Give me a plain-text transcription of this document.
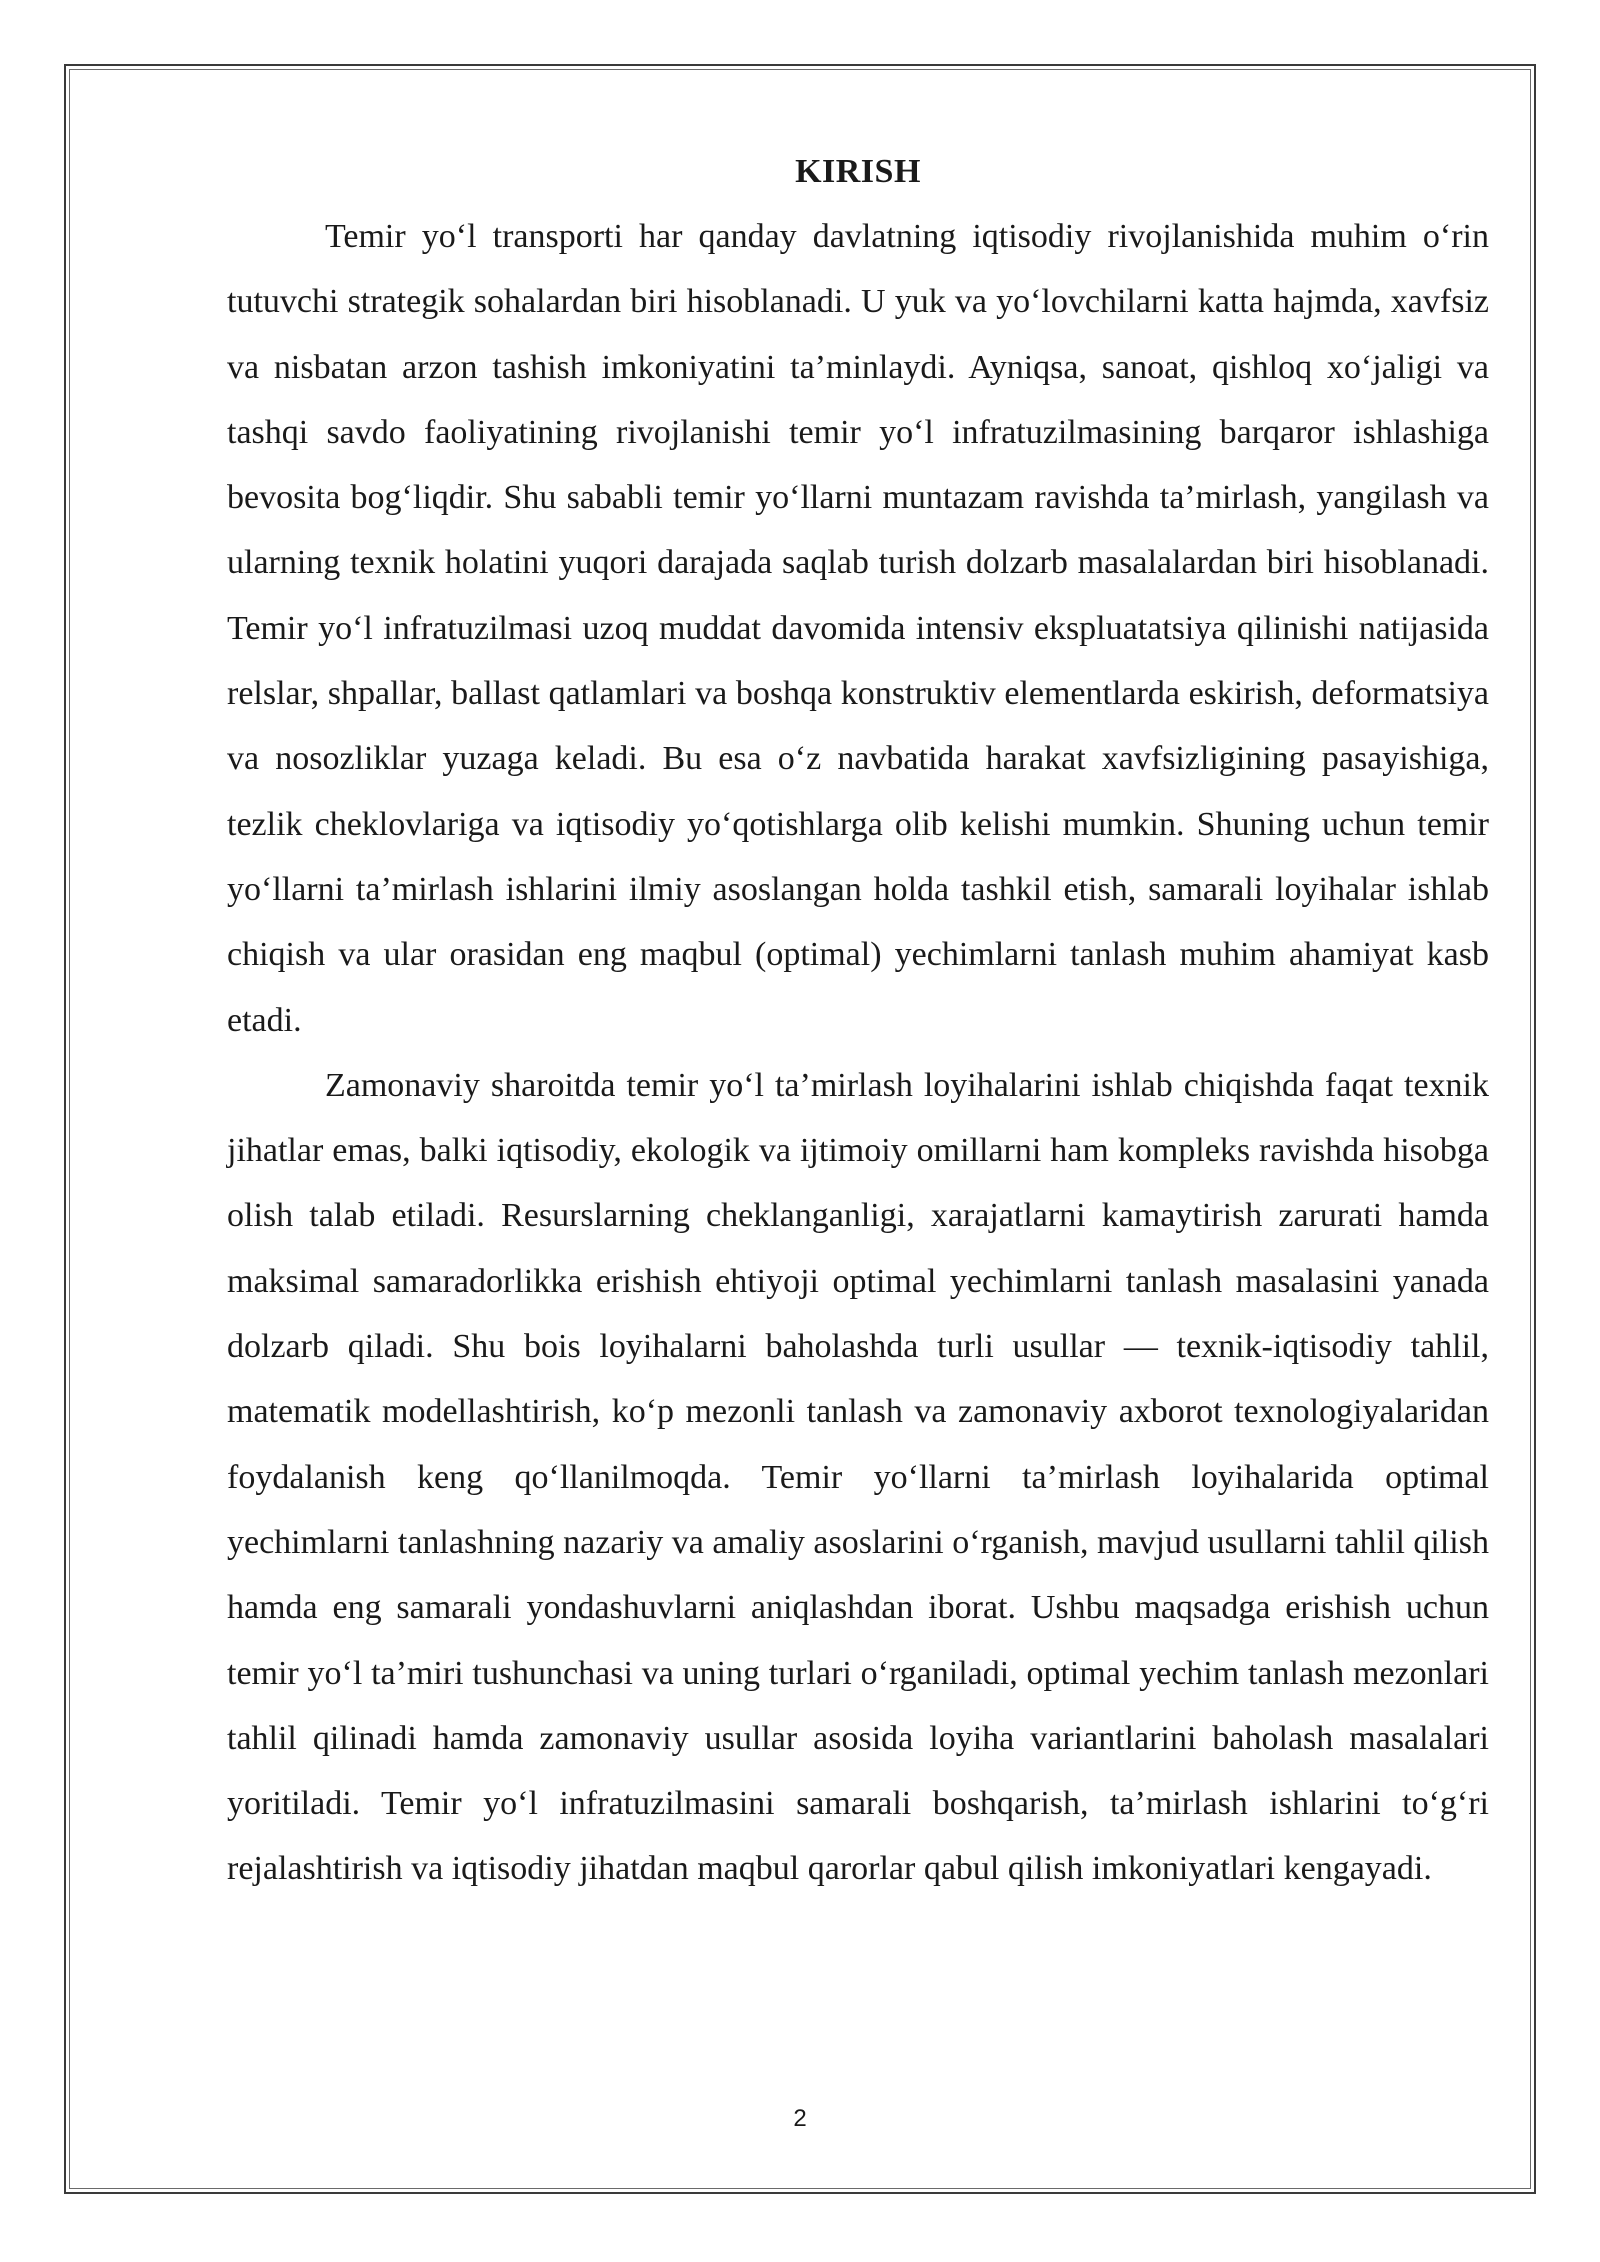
KIRISH

Temir yo‘l transporti har qanday davlatning iqtisodiy rivojlanishida muhim o‘rin tutuvchi strategik sohalardan biri hisoblanadi. U yuk va yo‘lovchilarni katta hajmda, xavfsiz va nisbatan arzon tashish imkoniyatini ta’minlaydi. Ayniqsa, sanoat, qishloq xo‘jaligi va tashqi savdo faoliyatining rivojlanishi temir yo‘l infratuzilmasining barqaror ishlashiga bevosita bog‘liqdir. Shu sababli temir yo‘llarni muntazam ravishda ta’mirlash, yangilash va ularning texnik holatini yuqori darajada saqlab turish dolzarb masalalardan biri hisoblanadi. Temir yo‘l infratuzilmasi uzoq muddat davomida intensiv ekspluatatsiya qilinishi natijasida relslar, shpallar, ballast qatlamlari va boshqa konstruktiv elementlarda eskirish, deformatsiya va nosozliklar yuzaga keladi. Bu esa o‘z navbatida harakat xavfsizligining pasayishiga, tezlik cheklovlariga va iqtisodiy yo‘qotishlarga olib kelishi mumkin. Shuning uchun temir yo‘llarni ta’mirlash ishlarini ilmiy asoslangan holda tashkil etish, samarali loyihalar ishlab chiqish va ular orasidan eng maqbul (optimal) yechimlarni tanlash muhim ahamiyat kasb etadi.

Zamonaviy sharoitda temir yo‘l ta’mirlash loyihalarini ishlab chiqishda faqat texnik jihatlar emas, balki iqtisodiy, ekologik va ijtimoiy omillarni ham kompleks ravishda hisobga olish talab etiladi. Resurslarning cheklanganligi, xarajatlarni kamaytirish zarurati hamda maksimal samaradorlikka erishish ehtiyoji optimal yechimlarni tanlash masalasini yanada dolzarb qiladi. Shu bois loyihalarni baholashda turli usullar — texnik-iqtisodiy tahlil, matematik modellashtirish, ko‘p mezonli tanlash va zamonaviy axborot texnologiyalaridan foydalanish keng qo‘llanilmoqda. Temir yo‘llarni ta’mirlash loyihalarida optimal yechimlarni tanlashning nazariy va amaliy asoslarini o‘rganish, mavjud usullarni tahlil qilish hamda eng samarali yondashuvlarni aniqlashdan iborat. Ushbu maqsadga erishish uchun temir yo‘l ta’miri tushunchasi va uning turlari o‘rganiladi, optimal yechim tanlash mezonlari tahlil qilinadi hamda zamonaviy usullar asosida loyiha variantlarini baholash masalalari yoritiladi. Temir yo‘l infratuzilmasini samarali boshqarish, ta’mirlash ishlarini to‘g‘ri rejalashtirish va iqtisodiy jihatdan maqbul qarorlar qabul qilish imkoniyatlari kengayadi.

2
